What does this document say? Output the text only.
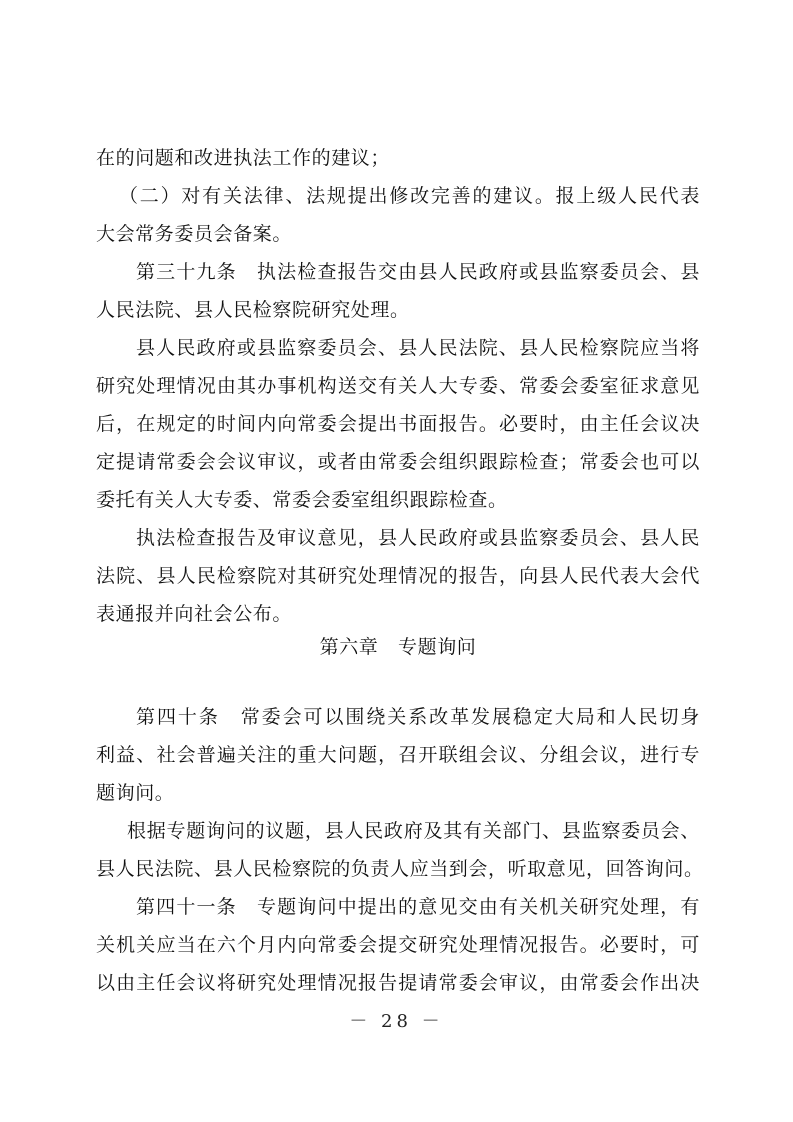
在的问题和改进执法工作的建议；
（二）对有关法律、法规提出修改完善的建议。报上级人民代表
大会常务委员会备案。
第三十九条　执法检查报告交由县人民政府或县监察委员会、县
人民法院、县人民检察院研究处理。
县人民政府或县监察委员会、县人民法院、县人民检察院应当将
研究处理情况由其办事机构送交有关人大专委、常委会委室征求意见
后，在规定的时间内向常委会提出书面报告。必要时，由主任会议决
定提请常委会会议审议，或者由常委会组织跟踪检查；常委会也可以
委托有关人大专委、常委会委室组织跟踪检查。
执法检查报告及审议意见，县人民政府或县监察委员会、县人民
法院、县人民检察院对其研究处理情况的报告，向县人民代表大会代
表通报并向社会公布。
第六章　专题询问
第四十条　常委会可以围绕关系改革发展稳定大局和人民切身
利益、社会普遍关注的重大问题，召开联组会议、分组会议，进行专
题询问。
根据专题询问的议题，县人民政府及其有关部门、县监察委员会、
县人民法院、县人民检察院的负责人应当到会，听取意见，回答询问。
第四十一条　专题询问中提出的意见交由有关机关研究处理，有
关机关应当在六个月内向常委会提交研究处理情况报告。必要时，可
以由主任会议将研究处理情况报告提请常委会审议，由常委会作出决
－ 28 －
